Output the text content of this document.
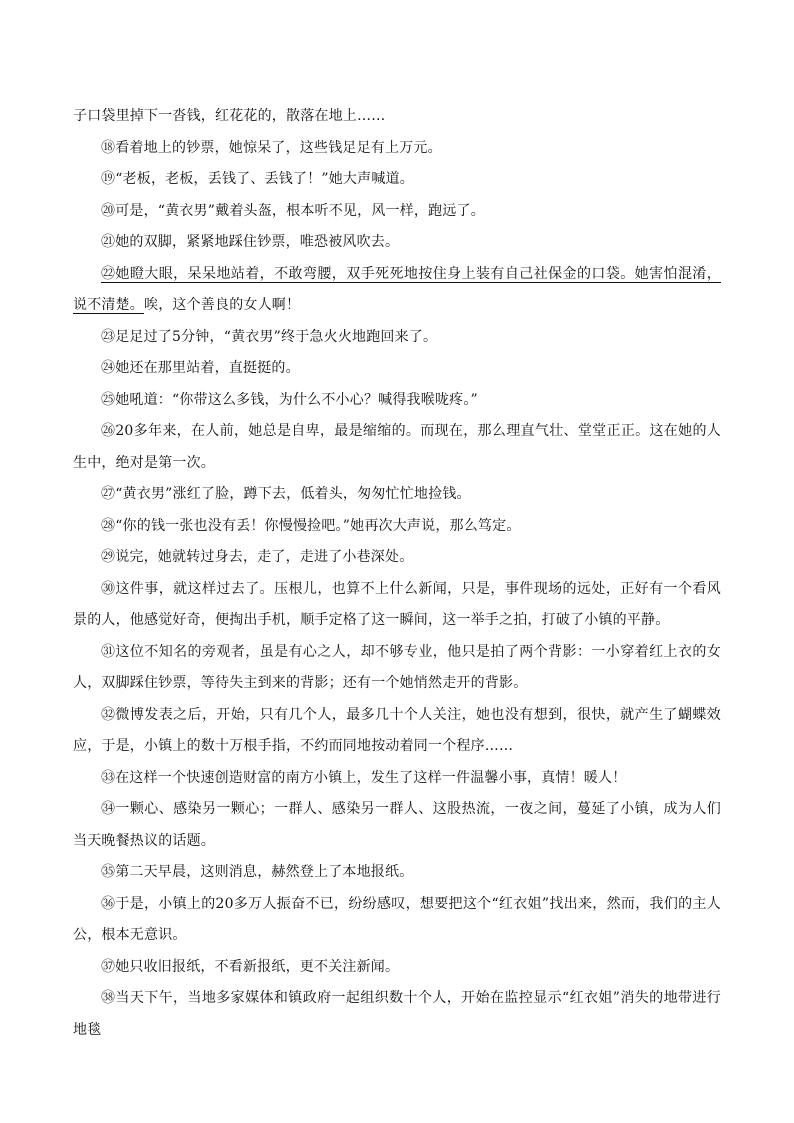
子口袋里掉下一沓钱，红花花的，散落在地上……

⑱看着地上的钞票，她惊呆了，这些钱足足有上万元。

⑲“老板，老板，丢钱了、丢钱了！”她大声喊道。

⑳可是，“黄衣男”戴着头盔，根本听不见，风一样，跑远了。

㉑她的双脚，紧紧地踩住钞票，唯恐被风吹去。

㉒她瞪大眼，呆呆地站着，不敢弯腰，双手死死地按住身上装有自己社保金的口袋。她害怕混淆，说不清楚。唉，这个善良的女人啊！

㉓足足过了5分钟，“黄衣男”终于急火火地跑回来了。

㉔她还在那里站着，直挺挺的。

㉕她吼道：“你带这么多钱，为什么不小心？喊得我喉咙疼。”

㉖20多年来，在人前，她总是自卑，最是缩缩的。而现在，那么理直气壮、堂堂正正。这在她的人生中，绝对是第一次。

㉗“黄衣男”涨红了脸，蹲下去，低着头，匆匆忙忙地捡钱。

㉘“你的钱一张也没有丢！你慢慢捡吧。”她再次大声说，那么笃定。

㉙说完，她就转过身去，走了，走进了小巷深处。

㉚这件事，就这样过去了。压根儿，也算不上什么新闻，只是，事件现场的远处，正好有一个看风景的人，他感觉好奇，便掏出手机，顺手定格了这一瞬间，这一举手之拍，打破了小镇的平静。

㉛这位不知名的旁观者，虽是有心之人，却不够专业，他只是拍了两个背影：一小穿着红上衣的女人，双脚踩住钞票，等待失主到来的背影；还有一个她悄然走开的背影。

㉜微博发表之后，开始，只有几个人，最多几十个人关注，她也没有想到，很快，就产生了蝴蝶效应，于是，小镇上的数十万根手指，不约而同地按动着同一个程序……

㉝在这样一个快速创造财富的南方小镇上，发生了这样一件温馨小事，真情！暖人！

㉞一颗心、感染另一颗心；一群人、感染另一群人、这股热流，一夜之间，蔓延了小镇，成为人们当天晚餐热议的话题。

㉟第二天早晨，这则消息，赫然登上了本地报纸。

㊱于是，小镇上的20多万人振奋不已，纷纷感叹，想要把这个“红衣姐”找出来，然而，我们的主人公，根本无意识。

㊲她只收旧报纸，不看新报纸，更不关注新闻。

㊳当天下午，当地多家媒体和镇政府一起组织数十个人，开始在监控显示“红衣姐”消失的地带进行地毯
